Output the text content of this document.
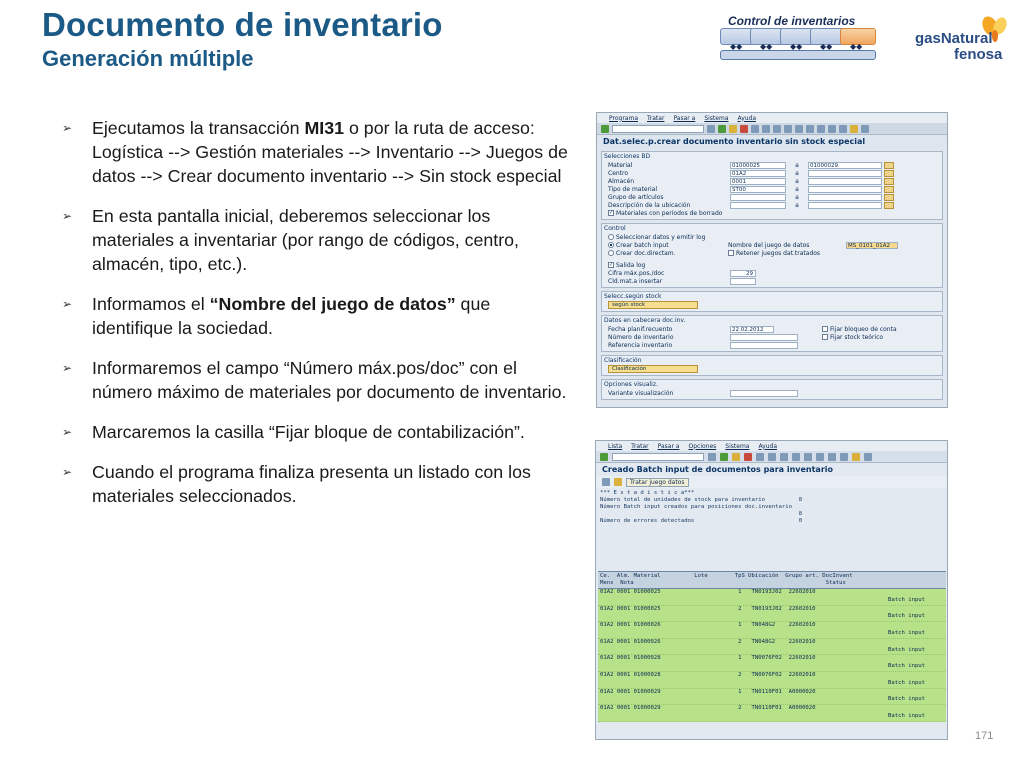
Documento de inventario
Generación múltiple
Control de inventarios
◆◆ ◆◆ ◆◆ ◆◆ ◆◆	gasNatural
fenosa
➢ Ejecutamos la transacción MI31 o por la ruta de acceso: Logística --> Gestión materiales --> Inventario --> Juegos de datos --> Crear documento inventario --> Sin stock especial
➢ En esta pantalla inicial, deberemos seleccionar los materiales a inventariar (por rango de códigos, centro, almacén, tipo, etc.).
➢ Informamos el “Nombre del juego de datos” que identifique la sociedad.
➢ Informaremos el campo “Número máx.pos/doc” con el número máximo de materiales por documento de inventario.
➢ Marcaremos la casilla “Fijar bloque de contabilización”.
➢ Cuando el programa finaliza presenta un listado con los materiales seleccionados.
Programa Tratar Pasar a Sistema Ayuda
Dat.selec.p.crear documento inventario sin stock especial
Selecciones BD
Material	01000025	a	01000029
Centro	01A2	a
Almacén	0001	a
Tipo de material	ST00	a
Grupo de artículos	a
Descripción de la ubicación	a
✓ Materiales con períodos de borrado
Control
Seleccionar datos y emitir log
Crear batch input	Nombre del juego de datos	MS_0101_01A2
Crear doc.directam.	Retener juegos dat.tratados
✓ Salida log
Cifra máx.pos./doc	29
Cld.mat.a insertar
Selecc.según stock
según stock
Datos en cabecera doc.inv.
Fecha planif.recuento	22.02.2012	Fijar bloqueo de conta
Número de inventario	Fijar stock teórico
Referencia inventario
Clasificación
Clasificación
Opciones visualiz.
Variante visualización
Lista Tratar Pasar a Opciones Sistema Ayuda
Creado Batch input de documentos para inventario
Tratar juego datos
*** E s t a d í s t i c a***
Número total de unidades de stock para inventario          8
Número Batch input creados para posiciones doc.inventario
8
Número de errores detectados                               0
Ce.  Alm. Material          Lote        TpS Ubicación  Grupo art. DocInvent
Mens  Nota                                                         Status
01A2 0001 01000025                       1   TN0193J02  22602010
Batch input
01A2 0001 01000025                       2   TN0193J02  22602010
Batch input
01A2 0001 01000026                       1   TN048G2    22602010
Batch input
01A2 0001 01000026                       2   TN048G2    22602010
Batch input
01A2 0001 01000028                       1   TN0076F02  22602010
Batch input
01A2 0001 01000028                       2   TN0076F02  22602010
Batch input
01A2 0001 01000029                       1   TN0110F01  A0000020
Batch input
01A2 0001 01000029                       2   TN0110F01  A0000020
Batch input
171
